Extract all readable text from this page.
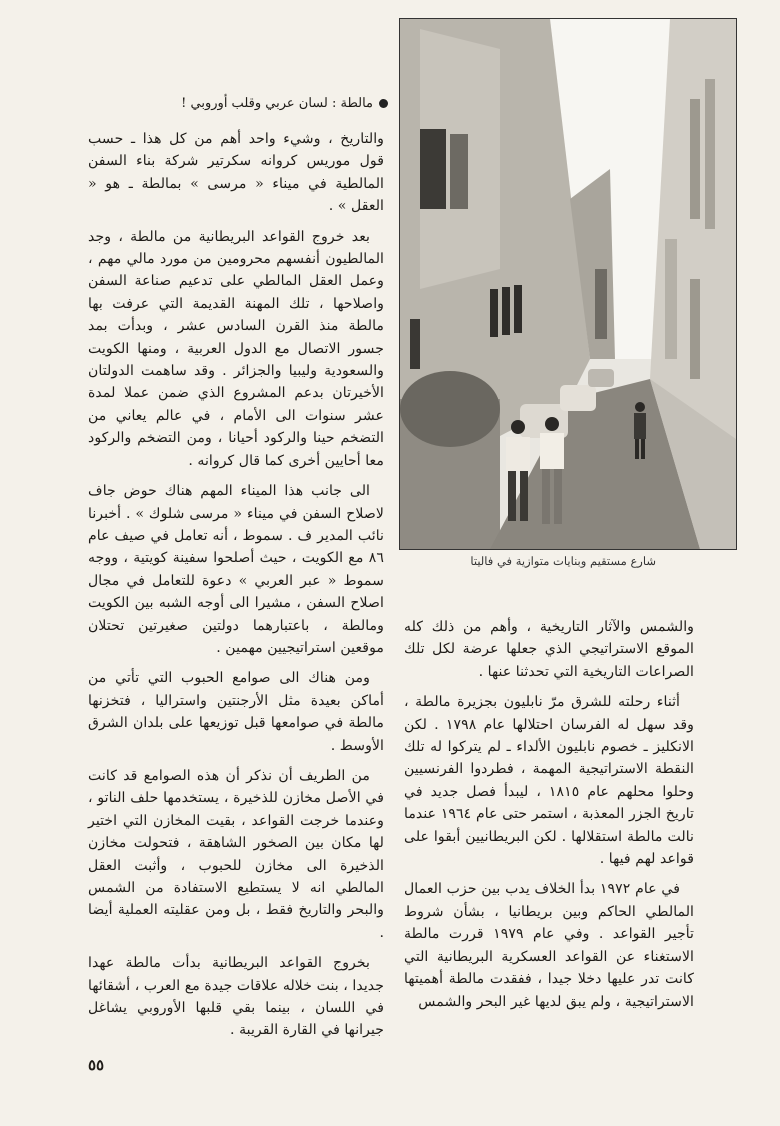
مالطة : لسان عربي وقلب أوروبي !

والتاريخ ، وشيء واحد أهم من كل هذا ـ حسب قول موريس كروانه سكرتير شركة بناء السفن المالطية في ميناء « مرسى » بمالطة ـ هو « العقل » .

بعد خروج القواعد البريطانية من مالطة ، وجد المالطيون أنفسهم محرومين من مورد مالي مهم ، وعمل العقل المالطي على تدعيم صناعة السفن واصلاحها ، تلك المهنة القديمة التي عرفت بها مالطة منذ القرن السادس عشر ، وبدأت بمد جسور الاتصال مع الدول العربية ، ومنها الكويت والسعودية وليبيا والجزائر . وقد ساهمت الدولتان الأخيرتان بدعم المشروع الذي ضمن عملا لمدة عشر سنوات الى الأمام ، في عالم يعاني من التضخم حينا والركود أحيانا ، ومن التضخم والركود معا أحايين أخرى كما قال كروانه .

الى جانب هذا الميناء المهم هناك حوض جاف لاصلاح السفن في ميناء « مرسى شلوك » . أخبرنا نائب المدير ف . سموط ، أنه تعامل في صيف عام ٨٦ مع الكويت ، حيث أصلحوا سفينة كويتية ، ووجه سموط « عبر العربي » دعوة للتعامل في مجال اصلاح السفن ، مشيرا الى أوجه الشبه بين الكويت ومالطة ، باعتبارهما دولتين صغيرتين تحتلان موقعين استراتيجيين مهمين .

ومن هناك الى صوامع الحبوب التي تأتي من أماكن بعيدة مثل الأرجنتين واستراليا ، فتخزنها مالطة في صوامعها قبل توزيعها على بلدان الشرق الأوسط .

من الطريف أن نذكر أن هذه الصوامع قد كانت في الأصل مخازن للذخيرة ، يستخدمها حلف الناتو ، وعندما خرجت القواعد ، بقيت المخازن التي اختير لها مكان بين الصخور الشاهقة ، فتحولت مخازن الذخيرة الى مخازن للحبوب ، وأثبت العقل المالطي انه لا يستطيع الاستفادة من الشمس والبحر والتاريخ فقط ، بل ومن عقليته العملية أيضا .

بخروج القواعد البريطانية بدأت مالطة عهدا جديدا ، بنت خلاله علاقات جيدة مع العرب ، أشقائها في اللسان ، بينما بقي قلبها الأوروبي يشاغل جيرانها في القارة القريبة .

شارع مستقيم وبنايات متوازية في فاليتا

والشمس والآثار التاريخية ، وأهم من ذلك كله الموقع الاستراتيجي الذي جعلها عرضة لكل تلك الصراعات التاريخية التي تحدثنا عنها .

أثناء رحلته للشرق مرّ نابليون بجزيرة مالطة ، وقد سهل له الفرسان احتلالها عام ١٧٩٨ . لكن الانكليز ـ خصوم نابليون الألداء ـ لم يتركوا له تلك النقطة الاستراتيجية المهمة ، فطردوا الفرنسيين وحلوا محلهم عام ١٨١٥ ، ليبدأ فصل جديد في تاريخ الجزر المعذبة ، استمر حتى عام ١٩٦٤ عندما نالت مالطة استقلالها . لكن البريطانيين أبقوا على قواعد لهم فيها .

في عام ١٩٧٢ بدأ الخلاف يدب بين حزب العمال المالطي الحاكم وبين بريطانيا ، بشأن شروط تأجير القواعد . وفي عام ١٩٧٩ قررت مالطة الاستغناء عن القواعد العسكرية البريطانية التي كانت تدر عليها دخلا جيدا ، ففقدت مالطة أهميتها الاستراتيجية ، ولم يبق لديها غير البحر والشمس

٥٥
